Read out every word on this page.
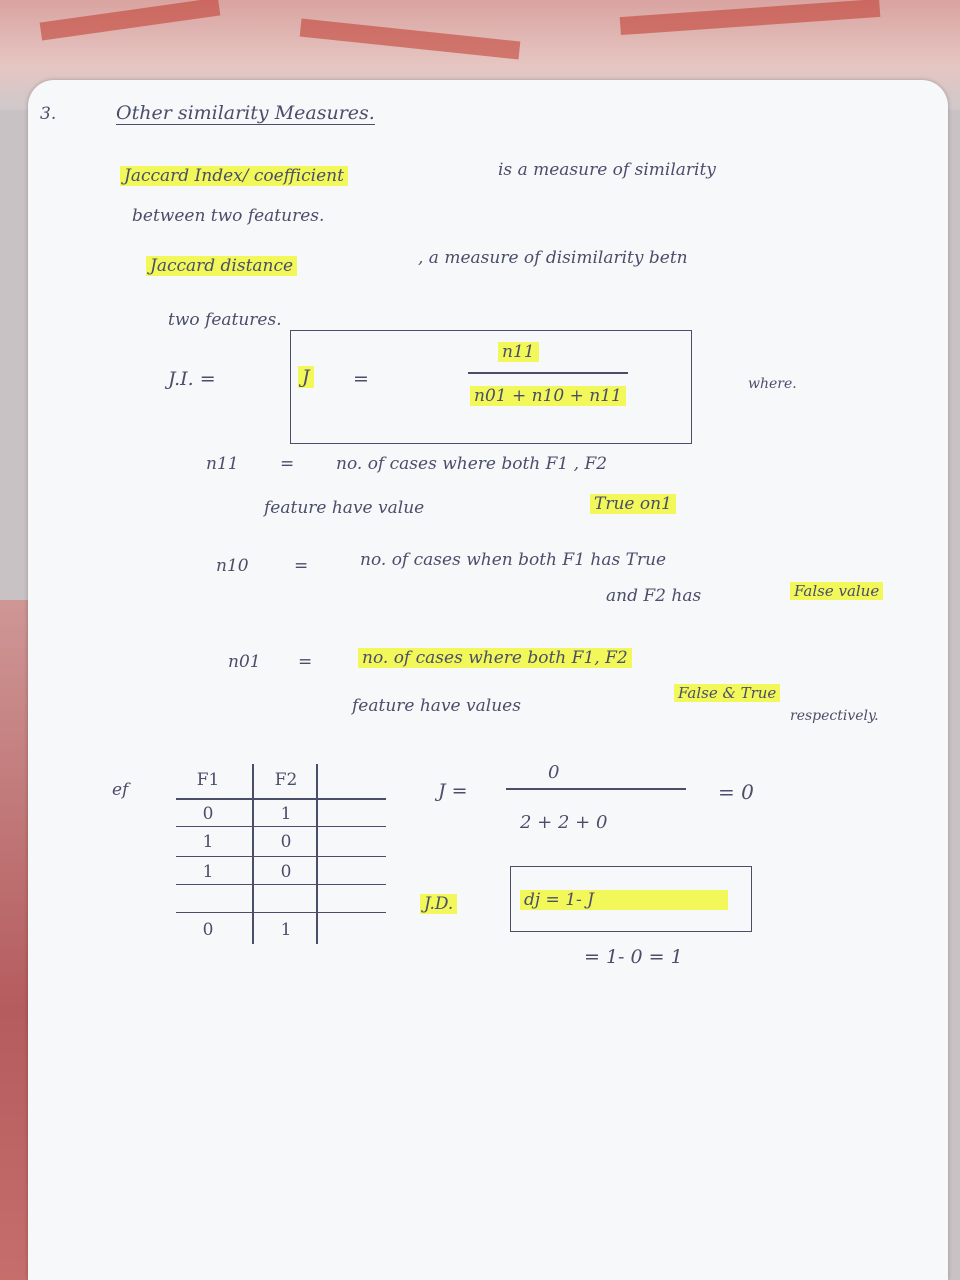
3.	Other similarity Measures.
Jaccard Index/ coefficient	is a measure of similarity
between two features.
Jaccard distance	, a measure of disimilarity betn
two features.
J.I. =	J =
n11
n01 + n10 + n11
where.
n11 = no. of cases where both F1 , F2
feature have value	True on1
n10	=	no. of cases when both F1 has True
and F2 has	False value
n01 =	no. of cases where both F1, F2
feature have values
False & True
respectively.
ef	F1	F2
0	1
1	0
1	0
0	1
J =
0
2 + 2 + 0
= 0
J.D.	dj = 1- J
= 1- 0 = 1
